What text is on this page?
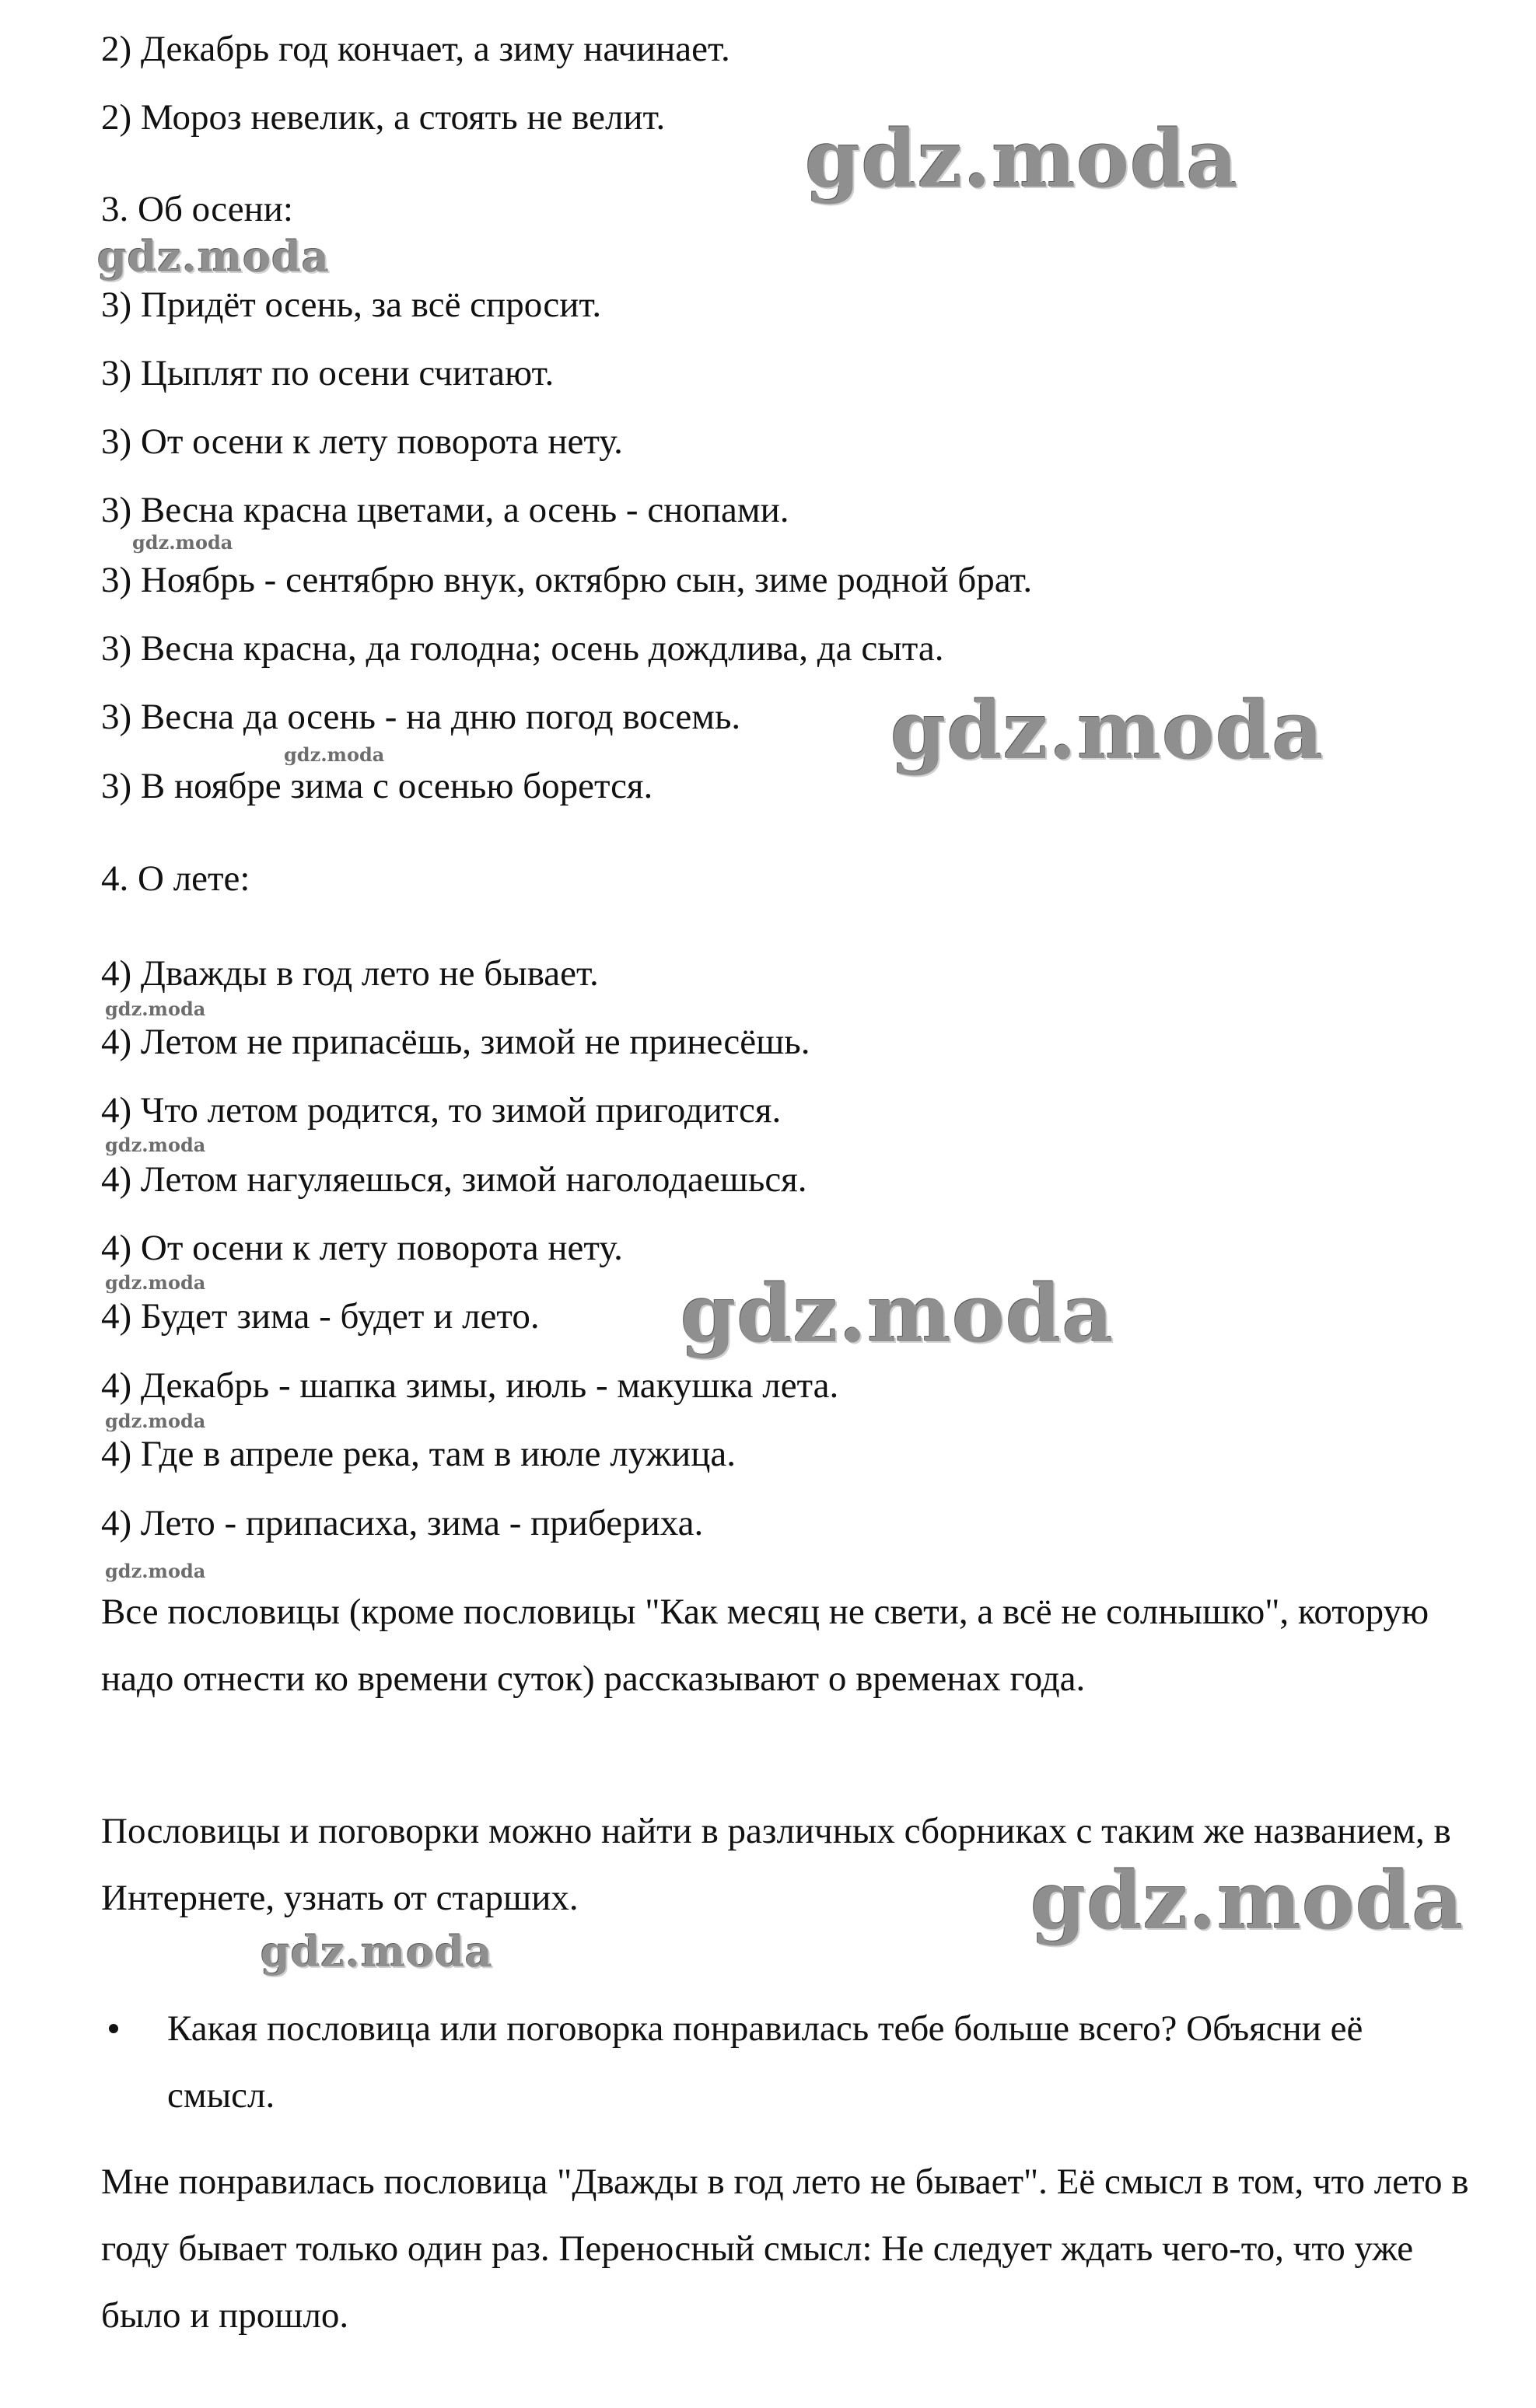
2) Декабрь год кончает, а зиму начинает.

2) Мороз невелик, а стоять не велит.

3. Об осени:

3) Придёт осень, за всё спросит.

3) Цыплят по осени считают.

3) От осени к лету поворота нету.

3) Весна красна цветами, а осень - снопами.

3) Ноябрь - сентябрю внук, октябрю сын, зиме родной брат.

3) Весна красна, да голодна; осень дождлива, да сыта.

3) Весна да осень - на дню погод восемь.

3) В ноябре зима с осенью борется.

4. О лете:

4) Дважды в год лето не бывает.

4) Летом не припасёшь, зимой не принесёшь.

4) Что летом родится, то зимой пригодится.

4) Летом нагуляешься, зимой наголодаешься.

4) От осени к лету поворота нету.

4) Будет зима - будет и лето.

4) Декабрь - шапка зимы, июль - макушка лета.

4) Где в апреле река, там в июле лужица.

4) Лето - припасиха, зима - прибериха.

Все пословицы (кроме пословицы "Как месяц не свети, а всё не солнышко", которую надо отнести ко времени суток) рассказывают о временах года.

Пословицы и поговорки можно найти в различных сборниках с таким же названием, в Интернете, узнать от старших.

Какая пословица или поговорка понравилась тебе больше всего? Объясни её смысл.

Мне понравилась пословица "Дважды в год лето не бывает". Её смысл в том, что лето в году бывает только один раз. Переносный смысл: Не следует ждать чего-то, что уже было и прошло.

gdz.moda
gdz.moda
gdz.moda
gdz.moda
gdz.moda
gdz.moda
gdz.moda
gdz.moda	gdz.moda
gdz.moda
gdz.moda
gdz.moda
gdz.moda
